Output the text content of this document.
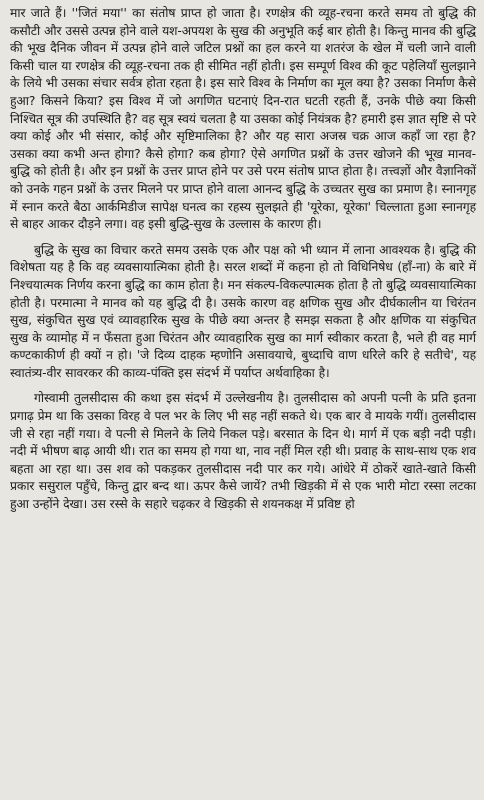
मार जाते हैं। ''जितं मया'' का संतोष प्राप्त हो जाता है। रणक्षेत्र की व्यूह-रचना करते समय तो बुद्धि की कसौटी और उससे उत्पन्न होने वाले यश-अपयश के सुख की अनुभूति कई बार होती है। किन्तु मानव की बुद्धि की भूख दैनिक जीवन में उत्पन्न होने वाले जटिल प्रश्नों का हल करने या शतरंज के खेल में चली जाने वाली किसी चाल या रणक्षेत्र की व्यूह-रचना तक ही सीमित नहीं होती। इस सम्पूर्ण विश्व की कूट पहेलियाँ सुलझाने के लिये भी उसका संचार सर्वत्र होता रहता है। इस सारे विश्व के निर्माण का मूल क्या है? उसका निर्माण कैसे हुआ? किसने किया? इस विश्व में जो अगणित घटनाएं दिन-रात घटती रहती हैं, उनके पीछे क्या किसी निश्चित सूत्र की उपस्थिति है? वह सूत्र स्वयं चलता है या उसका कोई नियंत्रक है? हमारी इस ज्ञात सृष्टि से परे क्या कोई और भी संसार, कोई और सृष्टिमालिका है? और यह सारा अजस्र चक्र आज कहाँ जा रहा है? उसका क्या कभी अन्त होगा? कैसे होगा? कब होगा? ऐसे अगणित प्रश्नों के उत्तर खोजने की भूख मानव-बुद्धि को होती है। और इन प्रश्नों के उत्तर प्राप्त होने पर उसे परम संतोष प्राप्त होता है। तत्त्वज्ञों और वैज्ञानिकों को उनके गहन प्रश्नों के उत्तर मिलने पर प्राप्त होने वाला आनन्द बुद्धि के उच्चतर सुख का प्रमाण है। स्नानगृह में स्नान करते बैठा आर्कमिडीज सापेक्ष घनत्व का रहस्य सुलझते ही 'यूरेका, यूरेका' चिल्लाता हुआ स्नानगृह से बाहर आकर दौड़ने लगा। वह इसी बुद्धि-सुख के उल्लास के कारण ही।

बुद्धि के सुख का विचार करते समय उसके एक और पक्ष को भी ध्यान में लाना आवश्यक है। बुद्धि की विशेषता यह है कि वह व्यवसायात्मिका होती है। सरल शब्दों में कहना हो तो विधिनिषेध (हाँ-ना) के बारे में निश्चयात्मक निर्णय करना बुद्धि का काम होता है। मन संकल्प-विकल्पात्मक होता है तो बुद्धि व्यवसायात्मिका होती है। परमात्मा ने मानव को यह बुद्धि दी है। उसके कारण वह क्षणिक सुख और दीर्घकालीन या चिरंतन सुख, संकुचित सुख एवं व्यावहारिक सुख के पीछे क्या अन्तर है समझ सकता है और क्षणिक या संकुचित सुख के व्यामोह में न फँसता हुआ चिरंतन और व्यावहारिक सुख का मार्ग स्वीकार करता है, भले ही वह मार्ग कण्टकाकीर्ण ही क्यों न हो। 'जे दिव्य दाहक म्हणोनि असावयाचे, बुध्दाचि वाण धरिले करि हे सतीचे', यह स्वातंत्र्य-वीर सावरकर की काव्य-पंक्ति इस संदर्भ में पर्याप्त अर्थवाहिका है।

गोस्वामी तुलसीदास की कथा इस संदर्भ में उल्लेखनीय है। तुलसीदास को अपनी पत्नी के प्रति इतना प्रगाढ़ प्रेम था कि उसका विरह वे पल भर के लिए भी सह नहीं सकते थे। एक बार वे मायके गयीं। तुलसीदास जी से रहा नहीं गया। वे पत्नी से मिलने के लिये निकल पड़े। बरसात के दिन थे। मार्ग में एक बड़ी नदी पड़ी। नदी में भीषण बाढ़ आयी थी। रात का समय हो गया था, नाव नहीं मिल रही थी। प्रवाह के साथ-साथ एक शव बहता आ रहा था। उस शव को पकड़कर तुलसीदास नदी पार कर गये। आंधेरे में ठोकरें खाते-खाते किसी प्रकार ससुराल पहुँचे, किन्तु द्वार बन्द था। ऊपर कैसे जायें? तभी खिड़की में से एक भारी मोटा रस्सा लटका हुआ उन्होंने देखा। उस रस्से के सहारे चढ़कर वे खिड़की से शयनकक्ष में प्रविष्ट हो
